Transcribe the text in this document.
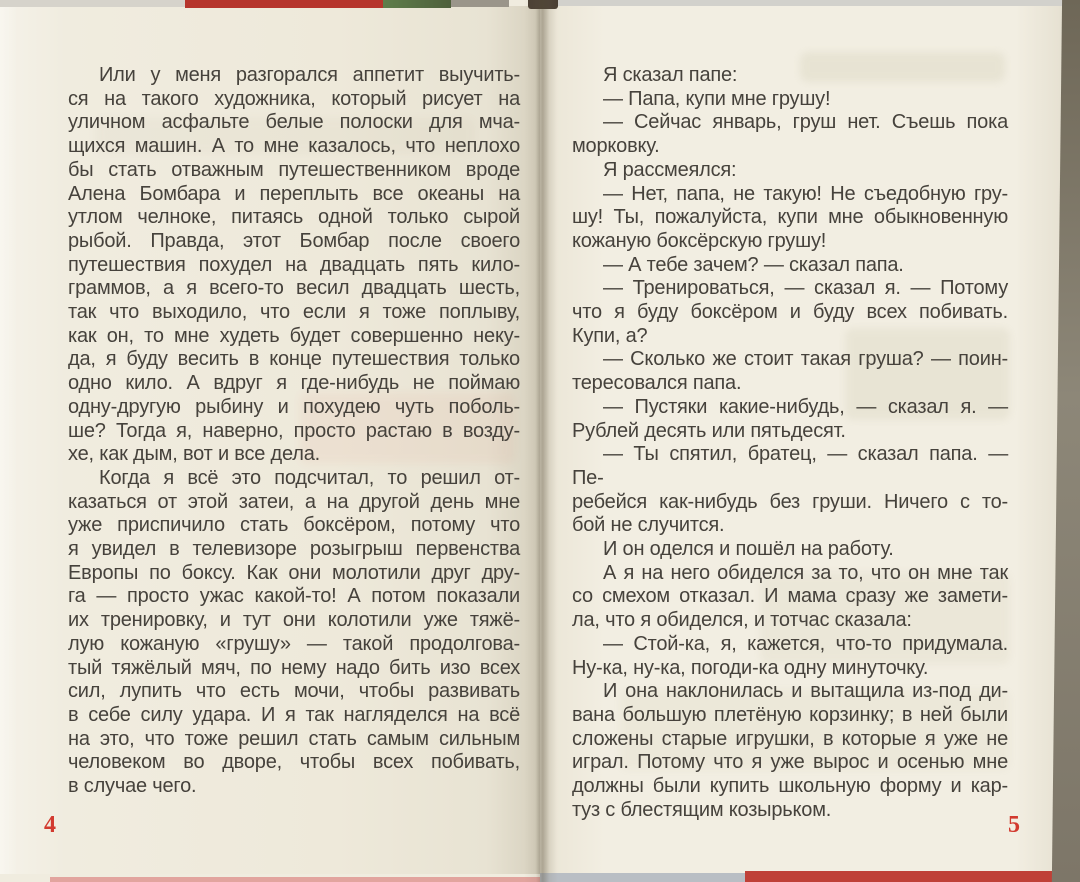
Или у меня разгорался аппетит выучить-
ся на такого художника, который рисует на
уличном асфальте белые полоски для мча-
щихся машин. А то мне казалось, что неплохо
бы стать отважным путешественником вроде
Алена Бомбара и переплыть все океаны на
утлом челноке, питаясь одной только сырой
рыбой. Правда, этот Бомбар после своего
путешествия похудел на двадцать пять кило-
граммов, а я всего-то весил двадцать шесть,
так что выходило, что если я тоже поплыву,
как он, то мне худеть будет совершенно неку-
да, я буду весить в конце путешествия только
одно кило. А вдруг я где-нибудь не поймаю
одну-другую рыбину и похудею чуть поболь-
ше? Тогда я, наверно, просто растаю в возду-
хе, как дым, вот и все дела.
Когда я всё это подсчитал, то решил от-
казаться от этой затеи, а на другой день мне
уже приспичило стать боксёром, потому что
я увидел в телевизоре розыгрыш первенства
Европы по боксу. Как они молотили друг дру-
га — просто ужас какой-то! А потом показали
их тренировку, и тут они колотили уже тяжё-
лую кожаную «грушу» — такой продолгова-
тый тяжёлый мяч, по нему надо бить изо всех
сил, лупить что есть мочи, чтобы развивать
в себе силу удара. И я так нагляделся на всё
на это, что тоже решил стать самым сильным
человеком во дворе, чтобы всех побивать,
в случае чего.
Я сказал папе:
— Папа, купи мне грушу!
— Сейчас январь, груш нет. Съешь пока
морковку.
Я рассмеялся:
— Нет, папа, не такую! Не съедобную гру-
шу! Ты, пожалуйста, купи мне обыкновенную
кожаную боксёрскую грушу!
— А тебе зачем? — сказал папа.
— Тренироваться, — сказал я. — Потому
что я буду боксёром и буду всех побивать.
Купи, а?
— Сколько же стоит такая груша? — поин-
тересовался папа.
— Пустяки какие-нибудь, — сказал я. —
Рублей десять или пятьдесят.
— Ты спятил, братец, — сказал папа. — Пе-
ребейся как-нибудь без груши. Ничего с то-
бой не случится.
И он оделся и пошёл на работу.
А я на него обиделся за то, что он мне так
со смехом отказал. И мама сразу же замети-
ла, что я обиделся, и тотчас сказала:
— Стой-ка, я, кажется, что-то придумала.
Ну-ка, ну-ка, погоди-ка одну минуточку.
И она наклонилась и вытащила из-под ди-
вана большую плетёную корзинку; в ней были
сложены старые игрушки, в которые я уже не
играл. Потому что я уже вырос и осенью мне
должны были купить школьную форму и кар-
туз с блестящим козырьком.
4	5
